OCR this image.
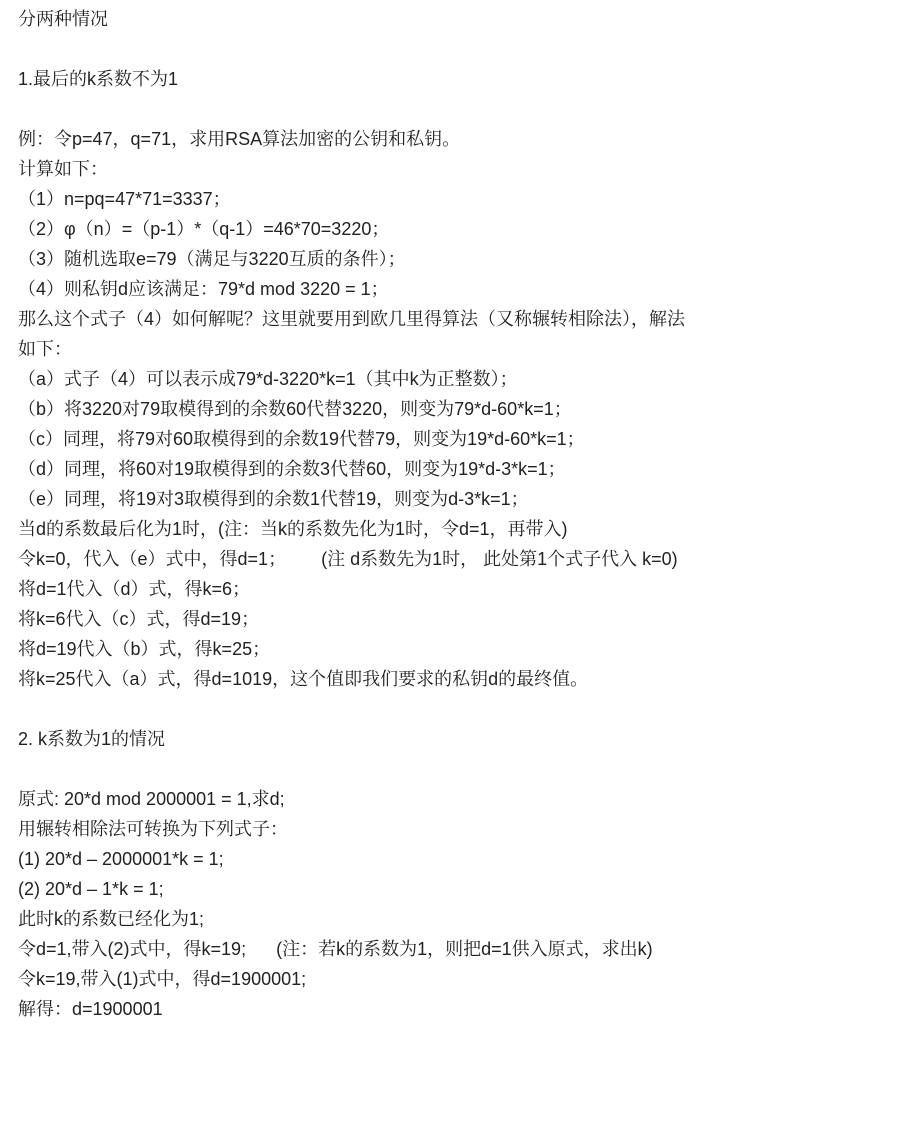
分两种情况
1.最后的k系数不为1
例：令p=47，q=71，求用RSA算法加密的公钥和私钥。
计算如下：
（1）n=pq=47*71=3337；
（2）φ（n）=（p-1）*（q-1）=46*70=3220；
（3）随机选取e=79（满足与3220互质的条件）；
（4）则私钥d应该满足：79*d mod 3220 = 1；
那么这个式子（4）如何解呢？这里就要用到欧几里得算法（又称辗转相除法），解法
如下：
（a）式子（4）可以表示成79*d-3220*k=1（其中k为正整数）；
（b）将3220对79取模得到的余数60代替3220，则变为79*d-60*k=1；
（c）同理，将79对60取模得到的余数19代替79，则变为19*d-60*k=1；
（d）同理，将60对19取模得到的余数3代替60，则变为19*d-3*k=1；
（e）同理，将19对3取模得到的余数1代替19，则变为d-3*k=1；
当d的系数最后化为1时，(注：当k的系数先化为1时，令d=1，再带入)
令k=0，代入（e）式中，得d=1；       (注 d系数先为1时， 此处第1个式子代入 k=0)
将d=1代入（d）式，得k=6；
将k=6代入（c）式，得d=19；
将d=19代入（b）式，得k=25；
将k=25代入（a）式，得d=1019，这个值即我们要求的私钥d的最终值。
2. k系数为1的情况
原式: 20*d mod 2000001 = 1,求d;
用辗转相除法可转换为下列式子：
(1) 20*d – 2000001*k = 1;
(2) 20*d – 1*k = 1;
此时k的系数已经化为1;
令d=1,带入(2)式中，得k=19;      (注：若k的系数为1，则把d=1供入原式，求出k)
令k=19,带入(1)式中，得d=1900001;
解得：d=1900001
